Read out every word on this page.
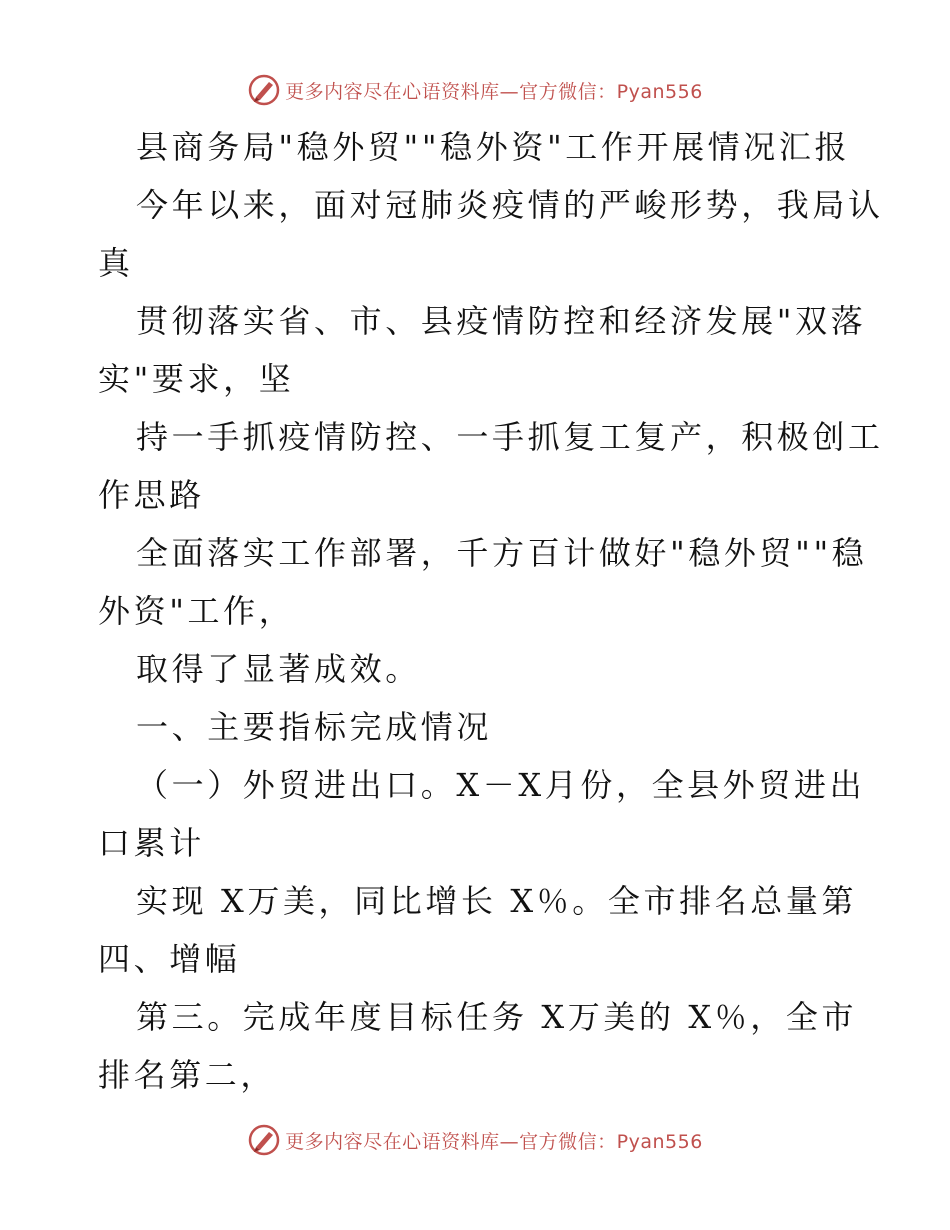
更多内容尽在心语资料库—官方微信：Pyan556
县商务局"稳外贸""稳外资"工作开展情况汇报
今年以来，面对冠肺炎疫情的严峻形势，我局认
真
贯彻落实省、市、县疫情防控和经济发展"双落
实"要求，坚
持一手抓疫情防控、一手抓复工复产，积极创工
作思路
全面落实工作部署，千方百计做好"稳外贸""稳
外资"工作，
取得了显著成效。
一、主要指标完成情况
（一）外贸进出口。X－X月份，全县外贸进出
口累计
实现 X万美，同比增长 X％。全市排名总量第
四、增幅
第三。完成年度目标任务 X万美的 X％，全市
排名第二，
更多内容尽在心语资料库—官方微信：Pyan556
